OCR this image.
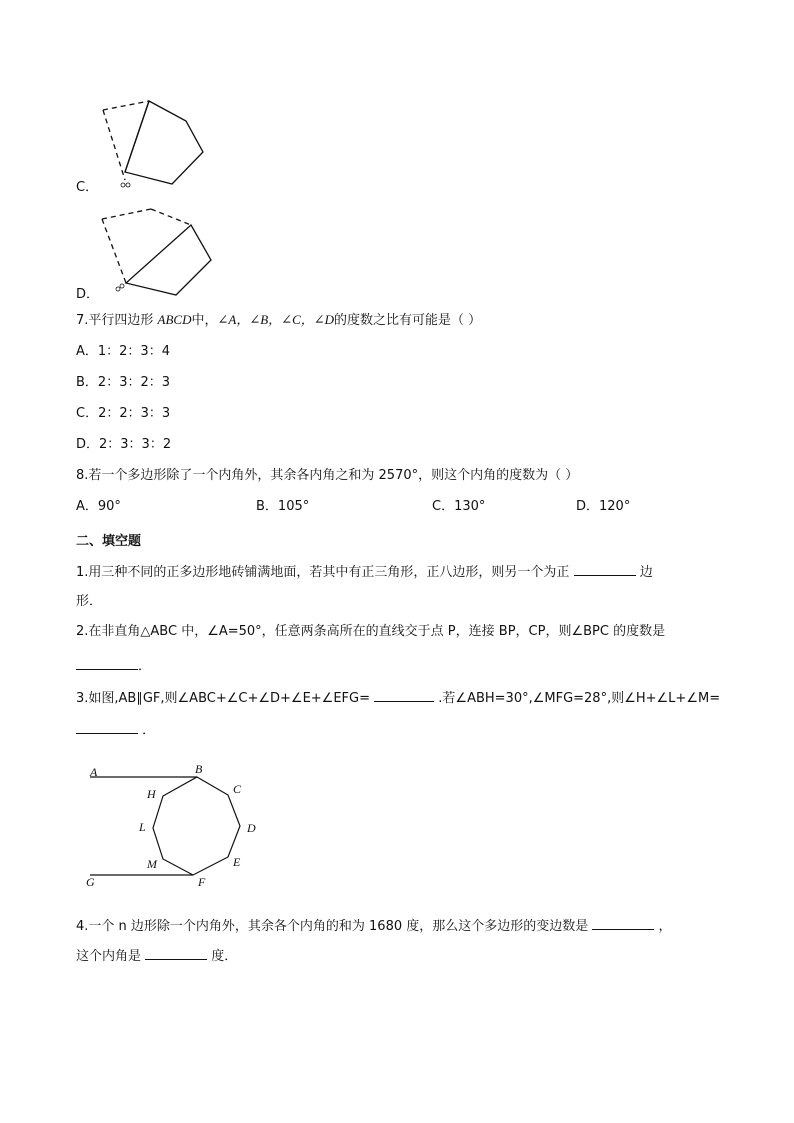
C．
D．
7.平行四边形 ABCD中，∠A，∠B，∠C，∠D的度数之比有可能是（ ）
A．1：2：3：4
B．2：3：2：3
C．2：2：3：3
D．2：3：3：2
8.若一个多边形除了一个内角外，其余各内角之和为 2570°，则这个内角的度数为（ ）
A．90°	B．105°	C．130°	D．120°
二、填空题
1.用三种不同的正多边形地砖铺满地面，若其中有正三角形，正八边形，则另一个为正	边
形．
2.在非直角△ABC 中，∠A=50°，任意两条高所在的直线交于点 P，连接 BP，CP，则∠BPC 的度数是
．
3.如图,AB∥GF,则∠ABC+∠C+∠D+∠E+∠EFG=	.若∠ABH=30°,∠MFG=28°,则∠H+∠L+∠M=
．
A	B
C
D
E
F
G
H
L
M
4.一个 n 边形除一个内角外，其余各个内角的和为 1680 度，那么这个多边形的变边数是	，
这个内角是	度．
